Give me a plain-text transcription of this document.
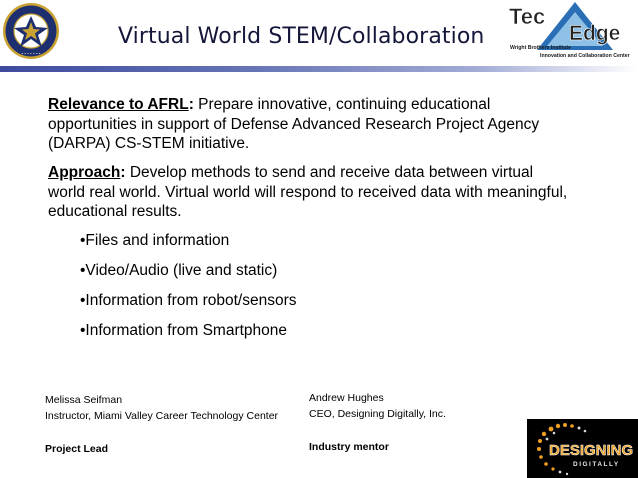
• • • • • • •
Virtual World STEM/Collaboration
Tec
Edge
Wright Brothers Institute
Innovation and Collaboration Center
Relevance to AFRL: Prepare innovative, continuing educational opportunities in support of Defense Advanced Research Project Agency (DARPA) CS-STEM initiative.
Approach: Develop methods to send and receive data between virtual world real world. Virtual world will respond to received data with meaningful, educational results.
•Files and information
•Video/Audio (live and static)
•Information from robot/sensors
•Information from Smartphone
Melissa Seifman
Instructor, Miami Valley Career Technology Center
Project Lead
Andrew Hughes
CEO, Designing Digitally, Inc.
Industry mentor	DESIGNING
DIGITALLY
